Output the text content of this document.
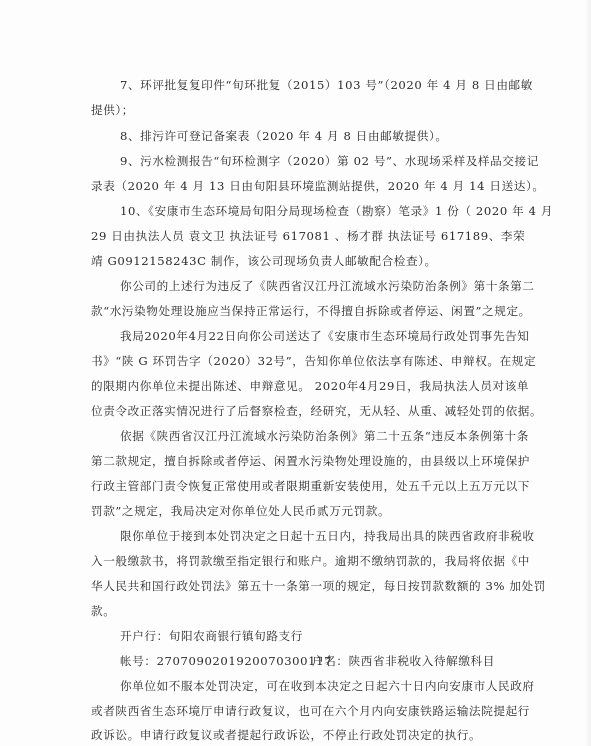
7、环评批复复印件“旬环批复（2015）103 号”（2020 年 4 月 8 日由邮敏
提供）；
8、排污许可登记备案表（2020 年 4 月 8 日由邮敏提供）。
9、污水检测报告“旬环检测字（2020）第 02 号”、水现场采样及样品交接记
录表（2020 年 4 月 13 日由旬阳县环境监测站提供，2020 年 4 月 14 日送达）。
10、《安康市生态环境局旬阳分局现场检查（勘察）笔录》1 份（ 2020 年 4 月
29 日由执法人员 袁文卫 执法证号 617081 、杨才群 执法证号 617189、李荣
靖 G0912158243C 制作，该公司现场负责人邮敏配合检查）。
你公司的上述行为违反了《陕西省汉江丹江流域水污染防治条例》第十条第二
款“水污染物处理设施应当保持正常运行，不得擅自拆除或者停运、闲置”之规定。
我局2020年4月22日向你公司送达了《安康市生态环境局行政处罚事先告知
书》“陕 G 环罚告字（2020）32号”，告知你单位依法享有陈述、申辩权。在规定
的限期内你单位未提出陈述、申辩意见。 2020年4月29日，我局执法人员对该单
位责令改正落实情况进行了后督察检查，经研究，无从轻、从重、减轻处罚的依据。
依据《陕西省汉江丹江流域水污染防治条例》第二十五条“违反本条例第十条
第二款规定，擅自拆除或者停运、闲置水污染物处理设施的，由县级以上环境保护
行政主管部门责令恢复正常使用或者限期重新安装使用，处五千元以上五万元以下
罚款”之规定，我局决定对你单位处人民币贰万元罚款。
限你单位于接到本处罚决定之日起十五日内，持我局出具的陕西省政府非税收
入一般缴款书，将罚款缴至指定银行和账户。逾期不缴纳罚款的，我局将依据《中
华人民共和国行政处罚法》第五十一条第一项的规定，每日按罚款数额的 3% 加处罚
款。
开户行：旬阳农商银行镇旬路支行
帐号：270709020192007030011​7
户名：陕西省非税收入待解缴科目
你单位如不服本处罚决定，可在收到本决定之日起六十日内向安康市人民政府
或者陕西省生态环境厅申请行政复议，也可在六个月内向安康铁路运输法院提起行
政诉讼。申请行政复议或者提起行政诉讼，不停止行政处罚决定的执行。
